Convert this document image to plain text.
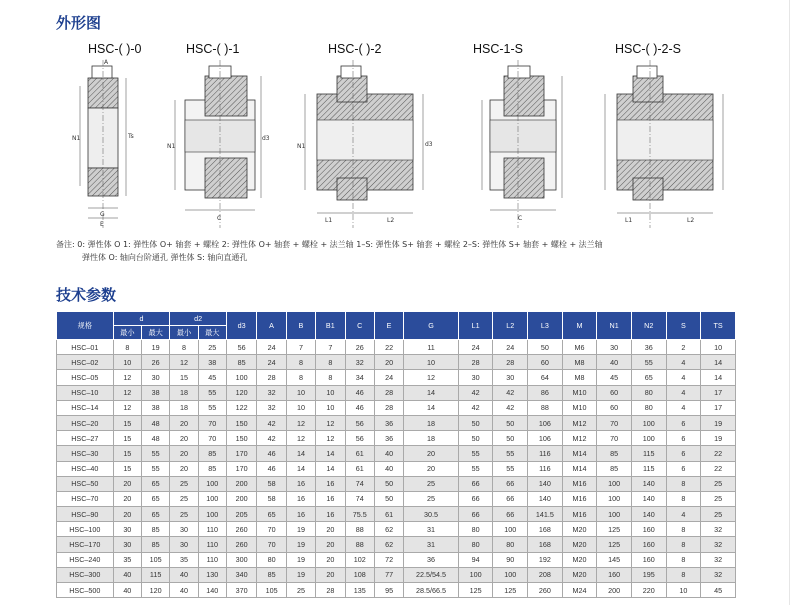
外形图
HSC-( )-0	HSC-( )-1	HSC-( )-2	HSC-1-S	HSC-( )-2-S
N1	Ts
G
E
A
N1
d3
C
N1	d3
L1	L2	C	L1	L2
备注: 0: 弹性体 O 1: 弹性体 O+ 轴套 + 螺栓 2: 弹性体 O+ 轴套 + 螺栓 + 法兰轴 1–S: 弹性体 S+ 轴套 + 螺栓 2–S: 弹性体 S+ 轴套 + 螺栓 + 法兰轴
弹性体 O: 轴向台阶通孔 弹性体 S: 轴向直通孔
技术参数
规格	d		d2		d3	A	B	B1	C	E	G	L1	L2	L3	M	N1	N2	S	TS
	最小	最大	最小	最大															
HSC–01	8	19	8	25	56	24	7	7	26	22	11	24	24	50	M6	30	36	2	10
HSC–02	10	26	12	38	85	24	8	8	32	20	10	28	28	60	M8	40	55	4	14
HSC–05	12	30	15	45	100	28	8	8	34	24	12	30	30	64	M8	45	65	4	14
HSC–10	12	38	18	55	120	32	10	10	46	28	14	42	42	86	M10	60	80	4	17
HSC–14	12	38	18	55	122	32	10	10	46	28	14	42	42	88	M10	60	80	4	17
HSC–20	15	48	20	70	150	42	12	12	56	36	18	50	50	106	M12	70	100	6	19
HSC–27	15	48	20	70	150	42	12	12	56	36	18	50	50	106	M12	70	100	6	19
HSC–30	15	55	20	85	170	46	14	14	61	40	20	55	55	116	M14	85	115	6	22
HSC–40	15	55	20	85	170	46	14	14	61	40	20	55	55	116	M14	85	115	6	22
HSC–50	20	65	25	100	200	58	16	16	74	50	25	66	66	140	M16	100	140	8	25
HSC–70	20	65	25	100	200	58	16	16	74	50	25	66	66	140	M16	100	140	8	25
HSC–90	20	65	25	100	205	65	16	16	75.5	61	30.5	66	66	141.5	M16	100	140	4	25
HSC–100	30	85	30	110	260	70	19	20	88	62	31	80	100	168	M20	125	160	8	32
HSC–170	30	85	30	110	260	70	19	20	88	62	31	80	80	168	M20	125	160	8	32
HSC–240	35	105	35	110	300	80	19	20	102	72	36	94	90	192	M20	145	160	8	32
HSC–300	40	115	40	130	340	85	19	20	108	77	22.5/54.5	100	100	208	M20	160	195	8	32
HSC–500	40	120	40	140	370	105	25	28	135	95	28.5/66.5	125	125	260	M24	200	220	10	45
